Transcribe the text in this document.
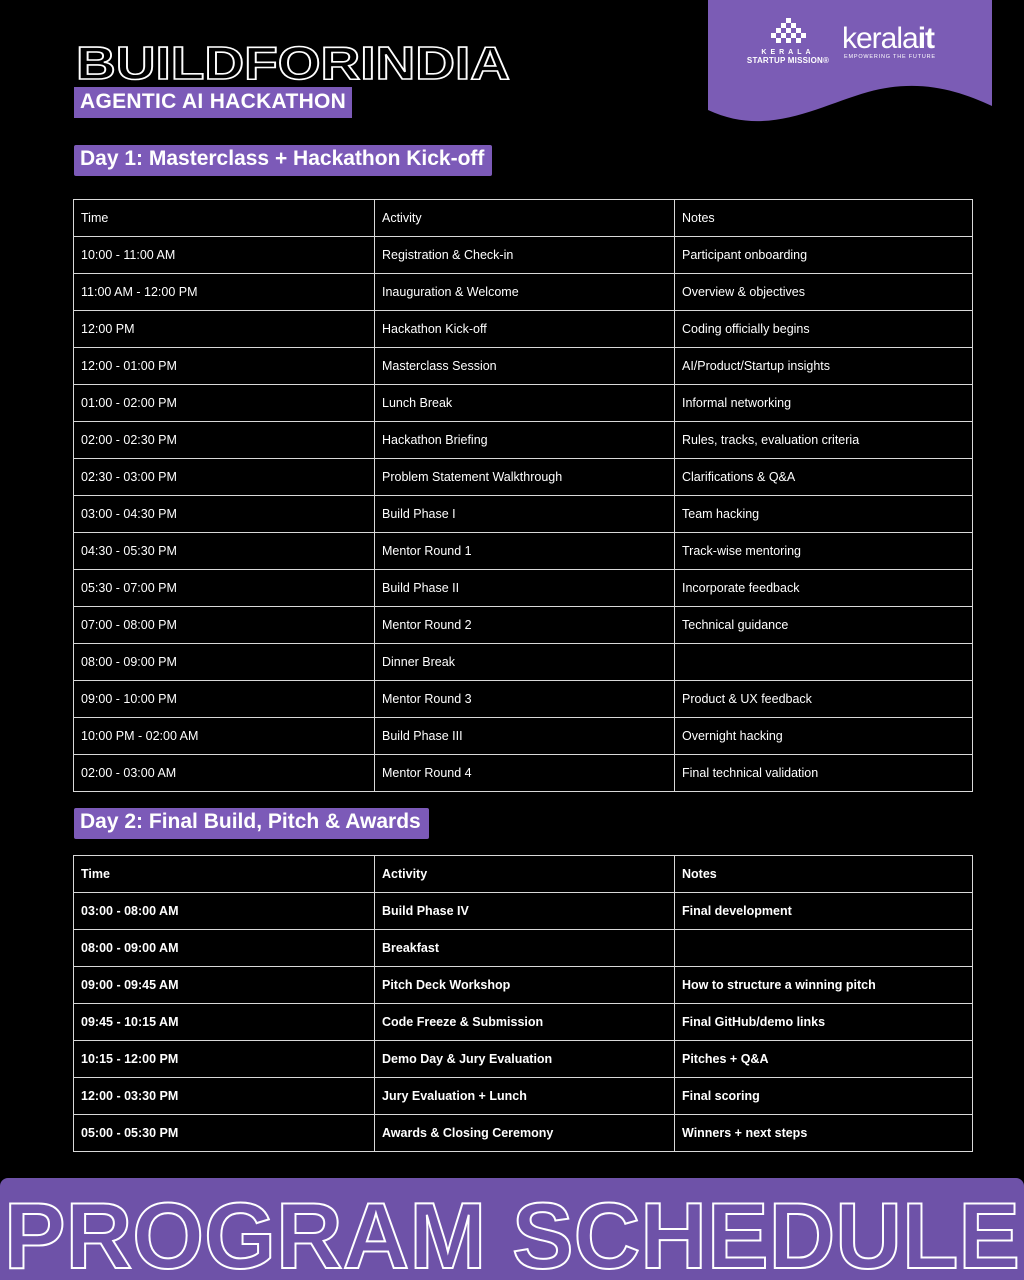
KERALA
STARTUP MISSION®
keralait
EMPOWERING THE FUTURE
BUILDFORINDIA
AGENTIC AI HACKATHON
Day 1: Masterclass + Hackathon Kick-off
Time	Activity	Notes
10:00 - 11:00 AM	Registration & Check-in	Participant onboarding
11:00 AM - 12:00 PM	Inauguration & Welcome	Overview & objectives
12:00 PM	Hackathon Kick-off	Coding officially begins
12:00 - 01:00 PM	Masterclass Session	AI/Product/Startup insights
01:00 - 02:00 PM	Lunch Break	Informal networking
02:00 - 02:30 PM	Hackathon Briefing	Rules, tracks, evaluation criteria
02:30 - 03:00 PM	Problem Statement Walkthrough	Clarifications & Q&A
03:00 - 04:30 PM	Build Phase I	Team hacking
04:30 - 05:30 PM	Mentor Round 1	Track-wise mentoring
05:30 - 07:00 PM	Build Phase II	Incorporate feedback
07:00 - 08:00 PM	Mentor Round 2	Technical guidance
08:00 - 09:00 PM	Dinner Break	
09:00 - 10:00 PM	Mentor Round 3	Product & UX feedback
10:00 PM - 02:00 AM	Build Phase III	Overnight hacking
02:00 - 03:00 AM	Mentor Round 4	Final technical validation
Day 2: Final Build, Pitch & Awards
Time	Activity	Notes
03:00 - 08:00 AM	Build Phase IV	Final development
08:00 - 09:00 AM	Breakfast	
09:00 - 09:45 AM	Pitch Deck Workshop	How to structure a winning pitch
09:45 - 10:15 AM	Code Freeze & Submission	Final GitHub/demo links
10:15 - 12:00 PM	Demo Day & Jury Evaluation	Pitches + Q&A
12:00 - 03:30 PM	Jury Evaluation + Lunch	Final scoring
05:00 - 05:30 PM	Awards & Closing Ceremony	Winners + next steps
PROGRAM SCHEDULE
